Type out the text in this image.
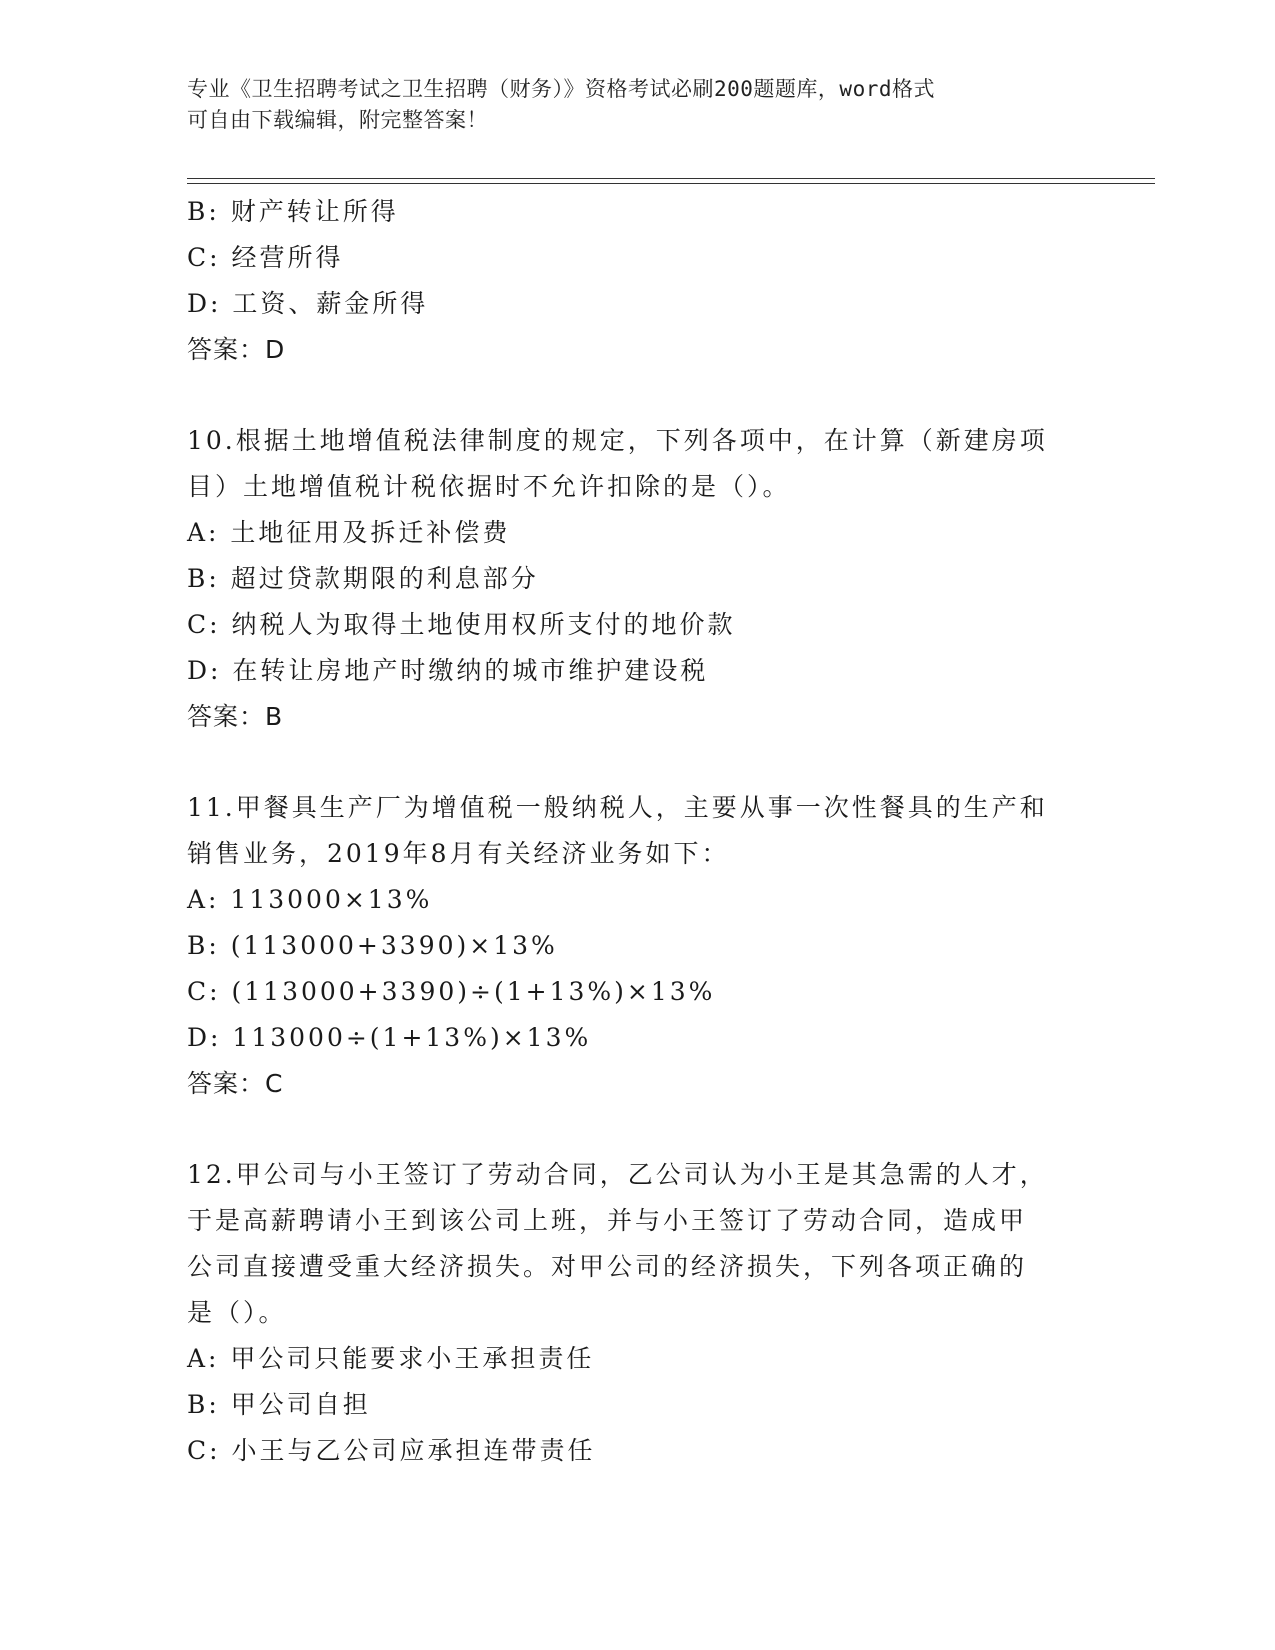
专业《卫生招聘考试之卫生招聘（财务）》资格考试必刷200题题库，word格式
可自由下载编辑，附完整答案！
B: 财产转让所得
C: 经营所得
D: 工资、薪金所得
答案：D
10.根据土地增值税法律制度的规定，下列各项中，在计算（新建房项
目）土地增值税计税依据时不允许扣除的是（）。
A: 土地征用及拆迁补偿费
B: 超过贷款期限的利息部分
C: 纳税人为取得土地使用权所支付的地价款
D: 在转让房地产时缴纳的城市维护建设税
答案：B
11.甲餐具生产厂为增值税一般纳税人，主要从事一次性餐具的生产和
销售业务，2019年8月有关经济业务如下：
A: 113000×13%
B: (113000+3390)×13%
C: (113000+3390)÷(1+13%)×13%
D: 113000÷(1+13%)×13%
答案：C
12.甲公司与小王签订了劳动合同，乙公司认为小王是其急需的人才，
于是高薪聘请小王到该公司上班，并与小王签订了劳动合同，造成甲
公司直接遭受重大经济损失。对甲公司的经济损失，下列各项正确的
是（）。
A: 甲公司只能要求小王承担责任
B: 甲公司自担
C: 小王与乙公司应承担连带责任
